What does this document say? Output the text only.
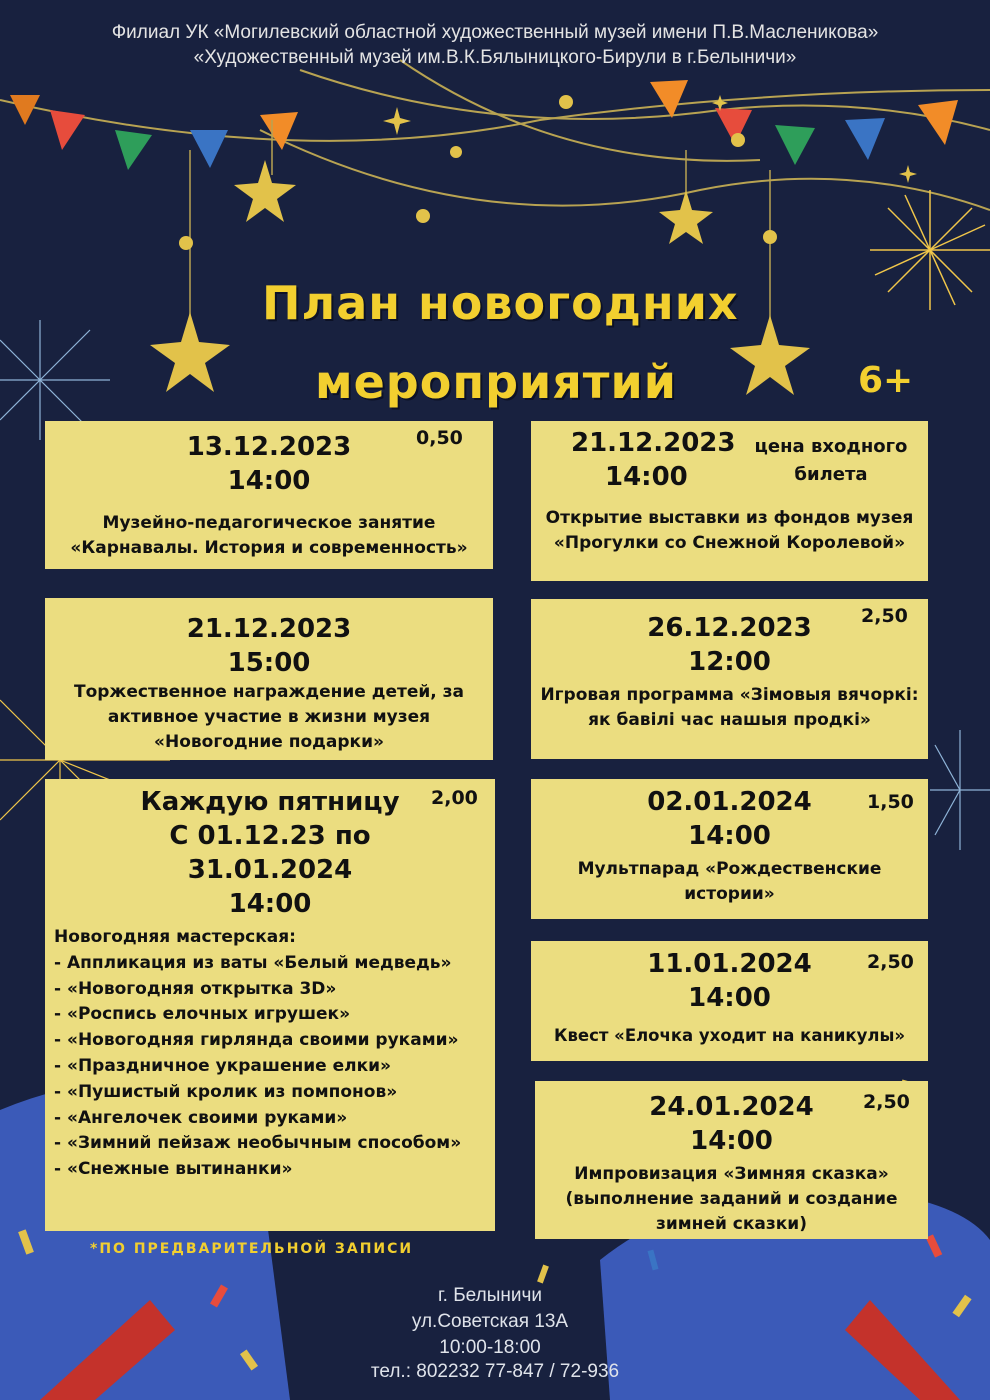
Филиал УК «Могилевский областной художественный музей имени П.В.Масленикова»
«Художественный музей им.В.К.Бялыницкого-Бирули в г.Белыничи»
План новогодних
мероприятий	6+
13.12.2023
14:00
Музейно-педагогическое занятие «Карнавалы. История и современность»
0,50	21.12.2023
14:00
Открытие выставки из фондов музея «Прогулки со Снежной Королевой»
цена входного билета
21.12.2023
15:00
Торжественное награждение детей, за активное участие в жизни музея «Новогодние подарки»
26.12.2023
12:00
Игровая программа «Зімовыя вячоркі: як бавілі час нашыя продкі»
2,50
Каждую пятницу
С 01.12.23 по
31.01.2024
14:00
Новогодняя мастерская:
- Аппликация из ваты «Белый медведь»
- «Новогодняя открытка 3D»
- «Роспись елочных игрушек»
- «Новогодняя гирлянда своими руками»
- «Праздничное украшение елки»
- «Пушистый кролик из помпонов»
- «Ангелочек своими руками»
- «Зимний пейзаж необычным способом»
- «Снежные вытинанки»
2,00	02.01.2024
14:00
Мультпарад «Рождественские истории»
1,50
11.01.2024
14:00
Квест «Елочка уходит на каникулы»
2,50
24.01.2024
14:00
Импровизация «Зимняя сказка» (выполнение заданий и создание зимней сказки)
2,50
*ПО ПРЕДВАРИТЕЛЬНОЙ ЗАПИСИ
г. Белыничи
ул.Советская 13А
10:00-18:00
тел.: 802232 77-847 / 72-936
